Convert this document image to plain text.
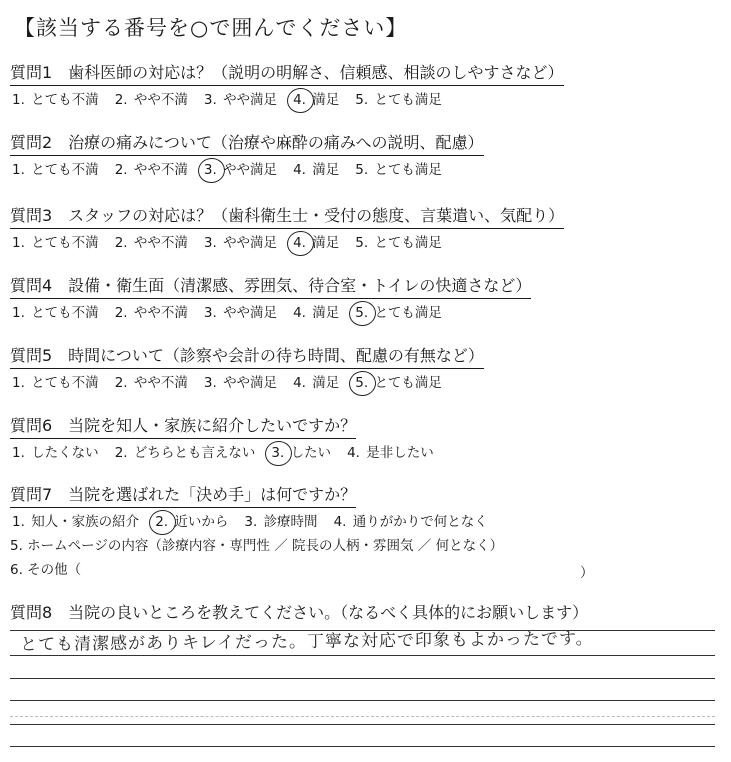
【該当する番号を○で囲んでください】
質問1　歯科医師の対応は？（説明の明解さ、信頼感、相談のしやすさなど）
1. とても不満 2. やや不満 3. やや満足 4. 満足 5. とても満足
質問2　治療の痛みについて（治療や麻酔の痛みへの説明、配慮）
1. とても不満 2. やや不満 3. やや満足 4. 満足 5. とても満足
質問3　スタッフの対応は？（歯科衛生士・受付の態度、言葉遣い、気配り）
1. とても不満 2. やや不満 3. やや満足 4. 満足 5. とても満足
質問4　設備・衛生面（清潔感、雰囲気、待合室・トイレの快適さなど）
1. とても不満 2. やや不満 3. やや満足 4. 満足 5. とても満足
質問5　時間について（診察や会計の待ち時間、配慮の有無など）
1. とても不満 2. やや不満 3. やや満足 4. 満足 5. とても満足
質問6　当院を知人・家族に紹介したいですか？
1. したくない 2. どちらとも言えない 3. したい 4. 是非したい
質問7　当院を選ばれた「決め手」は何ですか？
1. 知人・家族の紹介 2. 近いから 3. 診療時間 4. 通りがかりで何となく
5. ホームページの内容（診療内容・専門性 ／ 院長の人柄・雰囲気 ／ 何となく）
6. その他（	）
質問8　当院の良いところを教えてください。（なるべく具体的にお願いします）
とても清潔感がありキレイだった。丁寧な対応で印象もよかったです。
